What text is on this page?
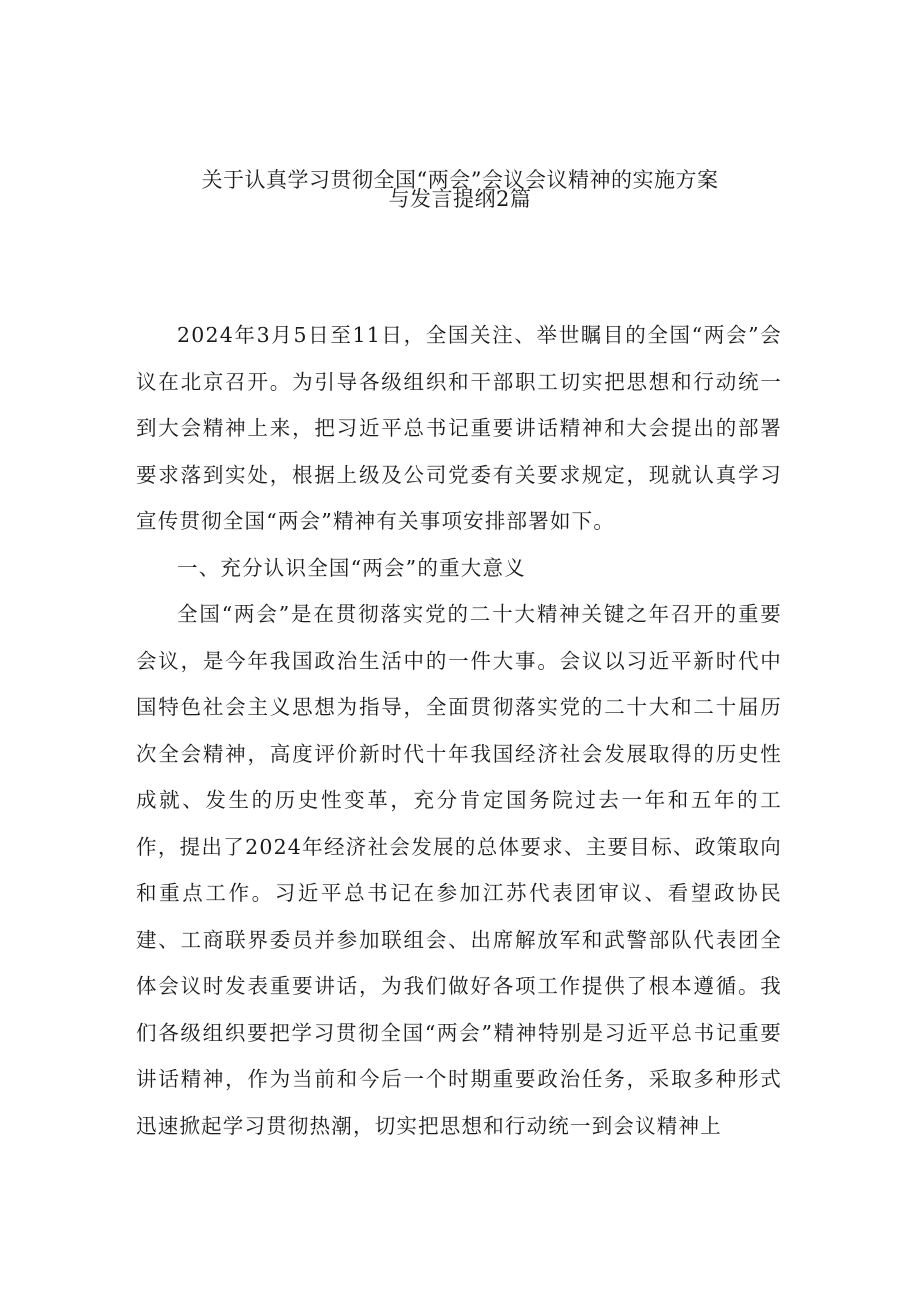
关于认真学习贯彻全国“两会”会议会议精神的实施方案
与发言提纲2篇

2024年3月5日至11日，全国关注、举世瞩目的全国“两会”会议在北京召开。为引导各级组织和干部职工切实把思想和行动统一到大会精神上来，把习近平总书记重要讲话精神和大会提出的部署要求落到实处，根据上级及公司党委有关要求规定，现就认真学习宣传贯彻全国“两会”精神有关事项安排部署如下。

一、充分认识全国“两会”的重大意义

全国“两会”是在贯彻落实党的二十大精神关键之年召开的重要会议，是今年我国政治生活中的一件大事。会议以习近平新时代中国特色社会主义思想为指导，全面贯彻落实党的二十大和二十届历次全会精神，高度评价新时代十年我国经济社会发展取得的历史性成就、发生的历史性变革，充分肯定国务院过去一年和五年的工作，提出了2024年经济社会发展的总体要求、主要目标、政策取向和重点工作。习近平总书记在参加江苏代表团审议、看望政协民建、工商联界委员并参加联组会、出席解放军和武警部队代表团全体会议时发表重要讲话，为我们做好各项工作提供了根本遵循。我们各级组织要把学习贯彻全国“两会”精神特别是习近平总书记重要讲话精神，作为当前和今后一个时期重要政治任务，采取多种形式迅速掀起学习贯彻热潮，切实把思想和行动统一到会议精神上
